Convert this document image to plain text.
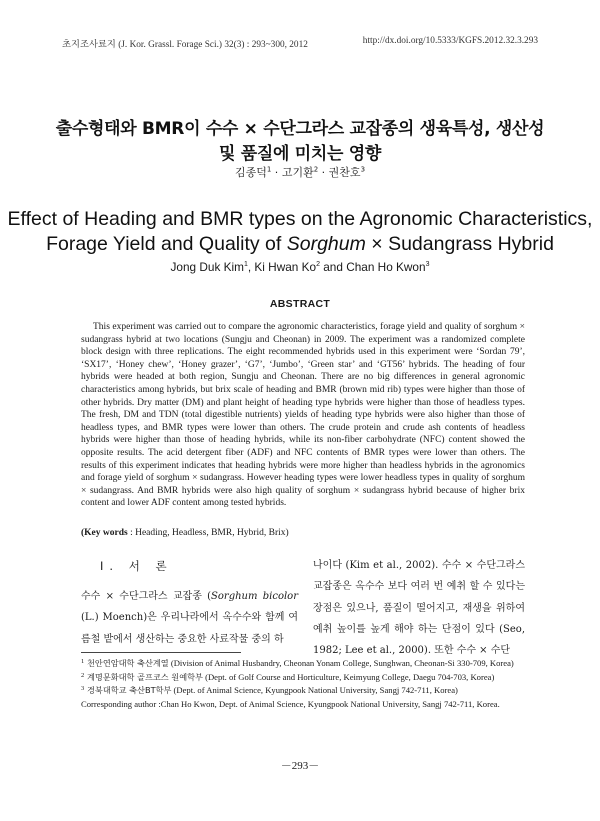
초지조사료지 (J. Kor. Grassl. Forage Sci.) 32(3) : 293~300, 2012	http://dx.doi.org/10.5333/KGFS.2012.32.3.293
출수형태와 BMR이 수수 × 수단그라스 교잡종의 생육특성, 생산성
및 품질에 미치는 영향
김종덕$^1$ · 고기환$^2$ · 권찬호$^3$
Effect of Heading and BMR types on the Agronomic Characteristics,
Forage Yield and Quality of Sorghum × Sudangrass Hybrid
Jong Duk Kim$^1$, Ki Hwan Ko$^2$ and Chan Ho Kwon$^3$
ABSTRACT
This experiment was carried out to compare the agronomic characteristics, forage yield and quality of sorghum × sudangrass hybrid at two locations (Sungju and Cheonan) in 2009. The experiment was a randomized complete block design with three replications. The eight recommended hybrids used in this experiment were ‘Sordan 79’, ‘SX17’, ‘Honey chew’, ‘Honey grazer’, ‘G7’, ‘Jumbo’, ‘Green star’ and ‘GT56’ hybrids. The heading of four hybrids were headed at both region, Sungju and Cheonan. There are no big differences in general agronomic characteristics among hybrids, but brix scale of heading and BMR (brown mid rib) types were higher than those of other hybrids. Dry matter (DM) and plant height of heading type hybrids were higher than those of headless types. The fresh, DM and TDN (total digestible nutrients) yields of heading type hybrids were also higher than those of headless types, and BMR types were lower than others. The crude protein and crude ash contents of headless hybrids were higher than those of heading hybrids, while its non-fiber carbohydrate (NFC) content showed the opposite results. The acid detergent fiber (ADF) and NFC contents of BMR types were lower than others. The results of this experiment indicates that heading hybrids were more higher than headless hybrids in the agronomics and forage yield of sorghum × sudangrass. However heading types were lower headless types in quality of sorghum × sudangrass. And BMR hybrids were also high quality of sorghum × sudangrass hybrid because of higher brix content and lower ADF content among tested hybrids.
(Key words : Heading, Headless, BMR, Hybrid, Brix)
Ⅰ. 서 론
수수 × 수단그라스 교잡종 (Sorghum bicolor (L.) Moench)은 우리나라에서 옥수수와 함께 여름철 밭에서 생산하는 중요한 사료작물 중의 하
나이다 (Kim et al., 2002). 수수 × 수단그라스 교잡종은 옥수수 보다 여러 번 예취 할 수 있다는 장점은 있으나, 품질이 떨어지고, 재생을 위하여 예취 높이를 높게 해야 하는 단점이 있다 (Seo, 1982; Lee et al., 2000). 또한 수수 × 수단
1 천안연암대학 축산계열 (Division of Animal Husbandry, Cheonan Yonam College, Sunghwan, Cheonan-Si 330-709, Korea)
2 계명문화대학 골프코스 원예학부 (Dept. of Golf Course and Horticulture, Keimyung College, Daegu 704-703, Korea)
3 경북대학교 축산BT학부 (Dept. of Animal Science, Kyungpook National University, Sangj 742-711, Korea)
Corresponding author : Chan Ho Kwon, Dept. of Animal Science, Kyungpook National University, Sangj 742-711, Korea.
－293－
